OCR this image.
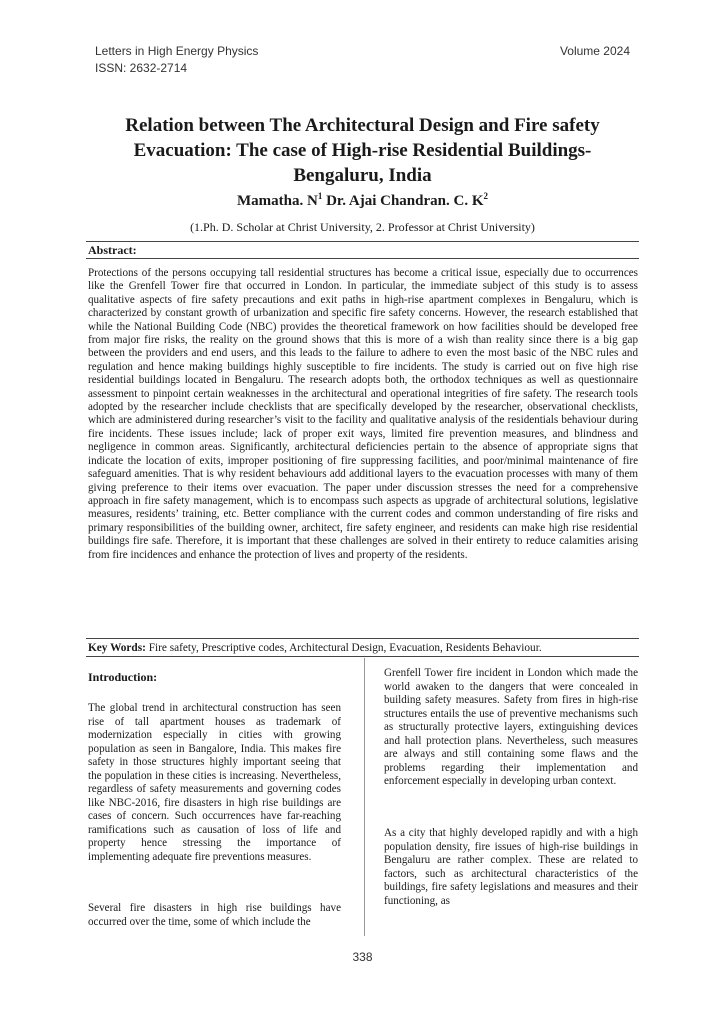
Letters in High Energy Physics
ISSN: 2632-2714
Volume 2024
Relation between The Architectural Design and Fire safety Evacuation: The case of High-rise Residential Buildings-Bengaluru, India
Mamatha. $N^1$ Dr. Ajai Chandran. C. $K^2$
(1.Ph. D. Scholar at Christ University, 2. Professor at Christ University)
Abstract:

Protections of the persons occupying tall residential structures has become a critical issue, especially due to occurrences like the Grenfell Tower fire that occurred in London. In particular, the immediate subject of this study is to assess qualitative aspects of fire safety precautions and exit paths in high-rise apartment complexes in Bengaluru, which is characterized by constant growth of urbanization and specific fire safety concerns. However, the research established that while the National Building Code (NBC) provides the theoretical framework on how facilities should be developed free from major fire risks, the reality on the ground shows that this is more of a wish than reality since there is a big gap between the providers and end users, and this leads to the failure to adhere to even the most basic of the NBC rules and regulation and hence making buildings highly susceptible to fire incidents. The study is carried out on five high rise residential buildings located in Bengaluru. The research adopts both, the orthodox techniques as well as questionnaire assessment to pinpoint certain weaknesses in the architectural and operational integrities of fire safety. The research tools adopted by the researcher include checklists that are specifically developed by the researcher, observational checklists, which are administered during researcher’s visit to the facility and qualitative analysis of the residentials behaviour during fire incidents. These issues include; lack of proper exit ways, limited fire prevention measures, and blindness and negligence in common areas. Significantly, architectural deficiencies pertain to the absence of appropriate signs that indicate the location of exits, improper positioning of fire suppressing facilities, and poor/minimal maintenance of fire safeguard amenities. That is why resident behaviours add additional layers to the evacuation processes with many of them giving preference to their items over evacuation. The paper under discussion stresses the need for a comprehensive approach in fire safety management, which is to encompass such aspects as upgrade of architectural solutions, legislative measures, residents’ training, etc. Better compliance with the current codes and common understanding of fire risks and primary responsibilities of the building owner, architect, fire safety engineer, and residents can make high rise residential buildings fire safe. Therefore, it is important that these challenges are solved in their entirety to reduce calamities arising from fire incidences and enhance the protection of lives and property of the residents.

Key Words: Fire safety, Prescriptive codes, Architectural Design, Evacuation, Residents Behaviour.

Introduction:

The global trend in architectural construction has seen rise of tall apartment houses as trademark of modernization especially in cities with growing population as seen in Bangalore, India. This makes fire safety in those structures highly important seeing that the population in these cities is increasing. Nevertheless, regardless of safety measurements and governing codes like NBC-2016, fire disasters in high rise buildings are cases of concern. Such occurrences have far-reaching ramifications such as causation of loss of life and property hence stressing the importance of implementing adequate fire preventions measures.

Several fire disasters in high rise buildings have occurred over the time, some of which include the

Grenfell Tower fire incident in London which made the world awaken to the dangers that were concealed in building safety measures. Safety from fires in high-rise structures entails the use of preventive mechanisms such as structurally protective layers, extinguishing devices and hall protection plans. Nevertheless, such measures are always and still containing some flaws and the problems regarding their implementation and enforcement especially in developing urban context.

As a city that highly developed rapidly and with a high population density, fire issues of high-rise buildings in Bengaluru are rather complex. These are related to factors, such as architectural characteristics of the buildings, fire safety legislations and measures and their functioning, as

338
